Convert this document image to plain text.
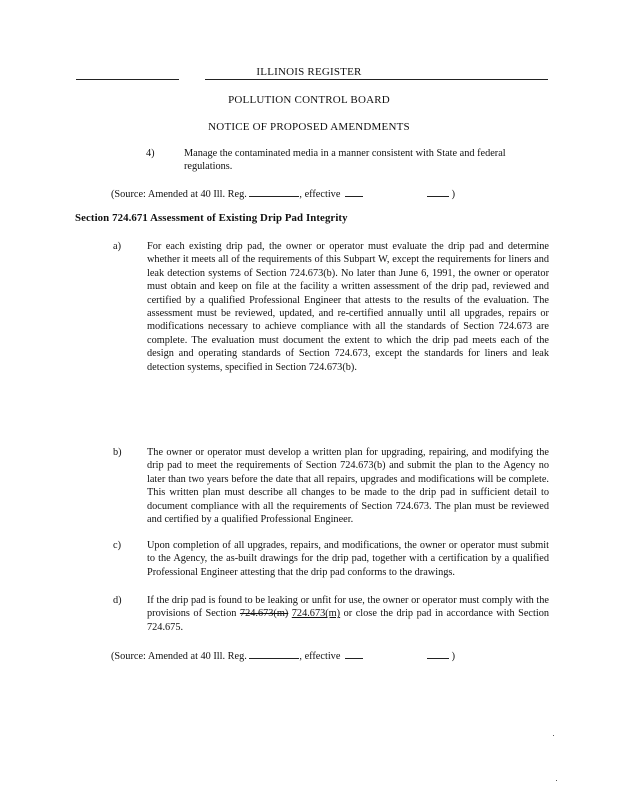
ILLINOIS REGISTER

POLLUTION CONTROL BOARD

NOTICE OF PROPOSED AMENDMENTS

4)	Manage the contaminated media in a manner consistent with State and federal regulations.

(Source: Amended at 40 Ill. Reg.	, effective	)

Section 724.671 Assessment of Existing Drip Pad Integrity

a)	For each existing drip pad, the owner or operator must evaluate the drip pad and determine whether it meets all of the requirements of this Subpart W, except the requirements for liners and leak detection systems of Section 724.673(b). No later than June 6, 1991, the owner or operator must obtain and keep on file at the facility a written assessment of the drip pad, reviewed and certified by a qualified Professional Engineer that attests to the results of the evaluation. The assessment must be reviewed, updated, and re-certified annually until all upgrades, repairs or modifications necessary to achieve compliance with all the standards of Section 724.673 are complete. The evaluation must document the extent to which the drip pad meets each of the design and operating standards of Section 724.673, except the standards for liners and leak detection systems, specified in Section 724.673(b).

b) The owner or operator must develop a written plan for upgrading, repairing, and modifying the drip pad to meet the requirements of Section 724.673(b) and submit the plan to the Agency no later than two years before the date that all repairs, upgrades and modifications will be complete. This written plan must describe all changes to be made to the drip pad in sufficient detail to document compliance with all the requirements of Section 724.673. The plan must be reviewed and certified by a qualified Professional Engineer.

c)	Upon completion of all upgrades, repairs, and modifications, the owner or operator must submit to the Agency, the as-built drawings for the drip pad, together with a certification by a qualified Professional Engineer attesting that the drip pad conforms to the drawings.

d) If the drip pad is found to be leaking or unfit for use, the owner or operator must comply with the provisions of Section 724.673(m) 724.673(m) or close the drip pad in accordance with Section 724.675.

(Source: Amended at 40 Ill. Reg.	, effective	)
